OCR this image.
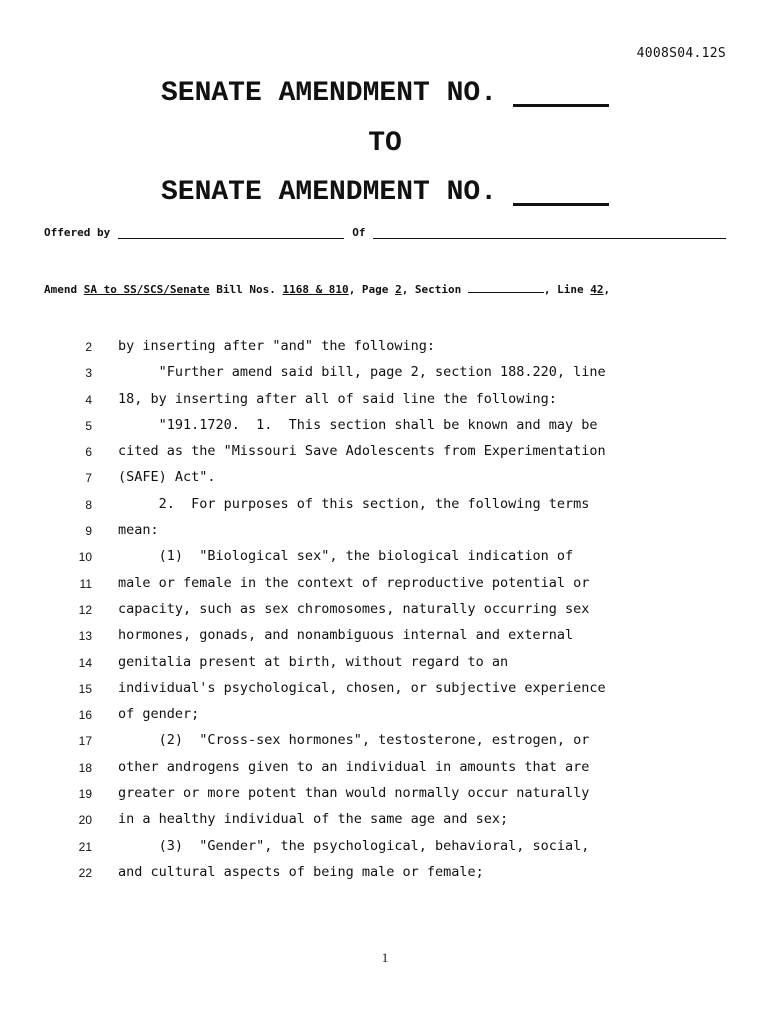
4008S04.12S
SENATE AMENDMENT NO.
TO
SENATE AMENDMENT NO.
Offered by	Of
Amend SA to SS/SCS/Senate Bill Nos. 1168 & 810, Page 2, Section	, Line 42,
2 by inserting after "and" the following:
3 "Further amend said bill, page 2, section 188.220, line
4 18, by inserting after all of said line the following:
5 "191.1720.  1.  This section shall be known and may be
6 cited as the "Missouri Save Adolescents from Experimentation
7 (SAFE) Act".
8 2.  For purposes of this section, the following terms
9 mean:
10 (1)  "Biological sex", the biological indication of
11 male or female in the context of reproductive potential or
12 capacity, such as sex chromosomes, naturally occurring sex
13 hormones, gonads, and nonambiguous internal and external
14 genitalia present at birth, without regard to an
15 individual's psychological, chosen, or subjective experience
16 of gender;
17 (2)  "Cross-sex hormones", testosterone, estrogen, or
18 other androgens given to an individual in amounts that are
19 greater or more potent than would normally occur naturally
20 in a healthy individual of the same age and sex;
21 (3)  "Gender", the psychological, behavioral, social,
22 and cultural aspects of being male or female;
1
